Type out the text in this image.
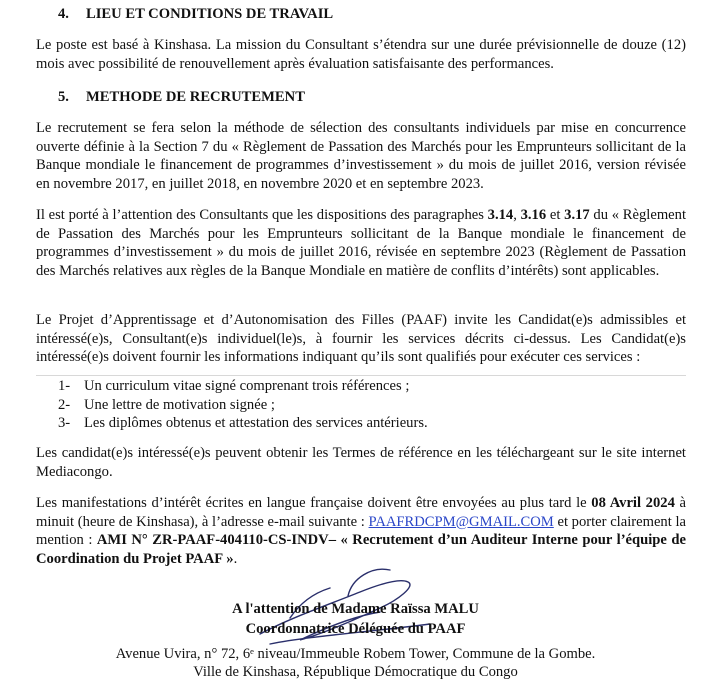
4. LIEU ET CONDITIONS DE TRAVAIL
Le poste est basé à Kinshasa. La mission du Consultant s’étendra sur une durée prévisionnelle de douze (12) mois avec possibilité de renouvellement après évaluation satisfaisante des performances.
5. METHODE DE RECRUTEMENT
Le recrutement se fera selon la méthode de sélection des consultants individuels par mise en concurrence ouverte définie à la Section 7 du « Règlement de Passation des Marchés pour les Emprunteurs sollicitant de la Banque mondiale le financement de programmes d’investissement » du mois de juillet 2016, version révisée en novembre 2017, en juillet 2018, en novembre 2020 et en septembre 2023.
Il est porté à l’attention des Consultants que les dispositions des paragraphes 3.14, 3.16 et 3.17 du « Règlement de Passation des Marchés pour les Emprunteurs sollicitant de la Banque mondiale le financement de programmes d’investissement » du mois de juillet 2016, révisée en septembre 2023 (Règlement de Passation des Marchés relatives aux règles de la Banque Mondiale en matière de conflits d’intérêts) sont applicables.
Le Projet d’Apprentissage et d’Autonomisation des Filles (PAAF) invite les Candidat(e)s admissibles et intéressé(e)s, Consultant(e)s individuel(le)s, à fournir les services décrits ci-dessus. Les Candidat(e)s intéressé(e)s doivent fournir les informations indiquant qu’ils sont qualifiés pour exécuter ces services :
1- Un curriculum vitae signé comprenant trois références ;
2- Une lettre de motivation signée ;
3- Les diplômes obtenus et attestation des services antérieurs.
Les candidat(e)s intéressé(e)s peuvent obtenir les Termes de référence en les téléchargeant sur le site internet Mediacongo.
Les manifestations d’intérêt écrites en langue française doivent être envoyées au plus tard le 08 Avril 2024 à minuit (heure de Kinshasa), à l’adresse e-mail suivante : PAAFRDCPM@GMAIL.COM et porter clairement la mention : AMI N° ZR-PAAF-404110-CS-INDV– « Recrutement d’un Auditeur Interne pour l’équipe de Coordination du Projet PAAF ».
A l'attention de Madame Raïssa MALU
Coordonnatrice Déléguée du PAAF
Avenue Uvira, n° 72, 6ᵉ niveau/Immeuble Robem Tower, Commune de la Gombe.
Ville de Kinshasa, République Démocratique du Congo
